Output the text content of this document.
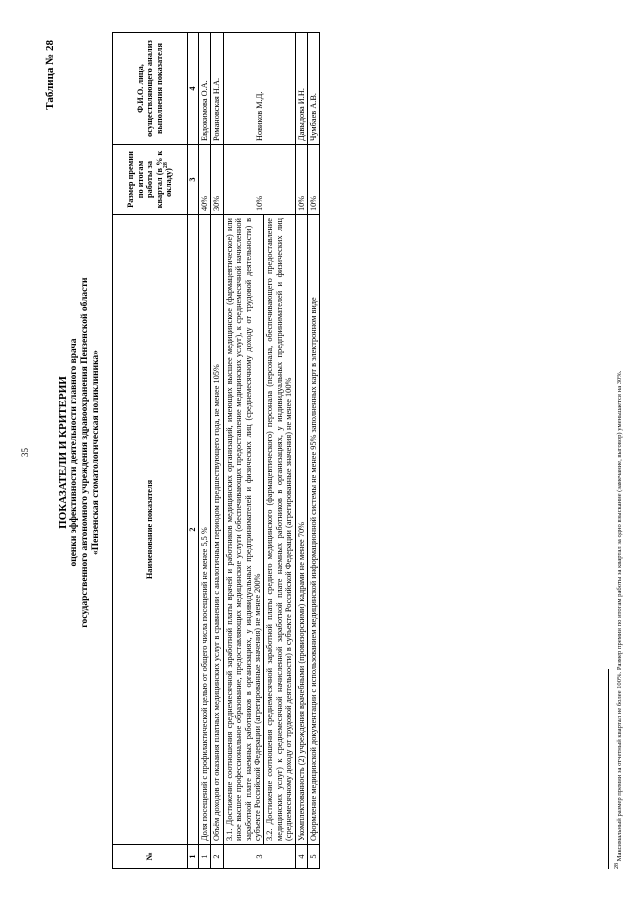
35
Таблица № 28
ПОКАЗАТЕЛИ И КРИТЕРИИ оценки эффективности деятельности главного врача государственного автономного учреждения здравоохранения Пензенской области «Пензенская стоматологическая поликлиника»
№	Наименование показателя	Размер премии по итогам работы за квартал (в % к окладу)$^{28}$	Ф.И.О. лица, осуществляющего анализ выполнения показателя
1	2	3	4
1	Доля посещений с профилактической целью от общего числа посещений не менее 5,5 %	40%	Евдокимова О.А.
2	Объём доходов от оказания платных медицинских услуг в сравнении с аналогичным периодом предшествующего года, не менее 105%	30%	Романовская Н.А.
3	3.1. Достижение соотношения среднемесячной заработной платы врачей и работников медицинских организаций, имеющих высшее медицинское (фармацевтическое) или иное высшее профессиональное образование, предоставляющих медицинские услуги (обеспечивающих предоставление медицинских услуг), к среднемесячной начисленной заработной плате наемных работников в организациях, у индивидуальных предпринимателей и физических лиц (среднемесячному доходу от трудовой деятельности) в субъекте Российской Федерации (агрегированные значения) не менее 200%	10%	Новиков М.Д.
	3.2. Достижение соотношения среднемесячной заработной платы среднего медицинского (фармацевтического) персонала (персонала, обеспечивающего предоставление медицинских услуг) к среднемесячной начисленной заработной плате наемных работников в организациях, у индивидуальных предпринимателей и физических лиц (среднемесячному доходу от трудовой деятельности) в субъекте Российской Федерации (агрегированные значения) не менее 100%		
4	Укомплектованность (2) учреждения врачебными (провизорскими) кадрами не менее 70%	10%	Давыдова И.Н.
5	Оформление медицинской документации с использованием медицинской информационной системы не менее 95% заполненных карт в электронном виде	10%	Чумбаев А.В.
$^{28}$ Максимальный размер премии за отчетный квартал не более 100%. Размер премии по итогам работы за квартал за одно взыскание (замечание, выговор) уменьшается на 30%.
